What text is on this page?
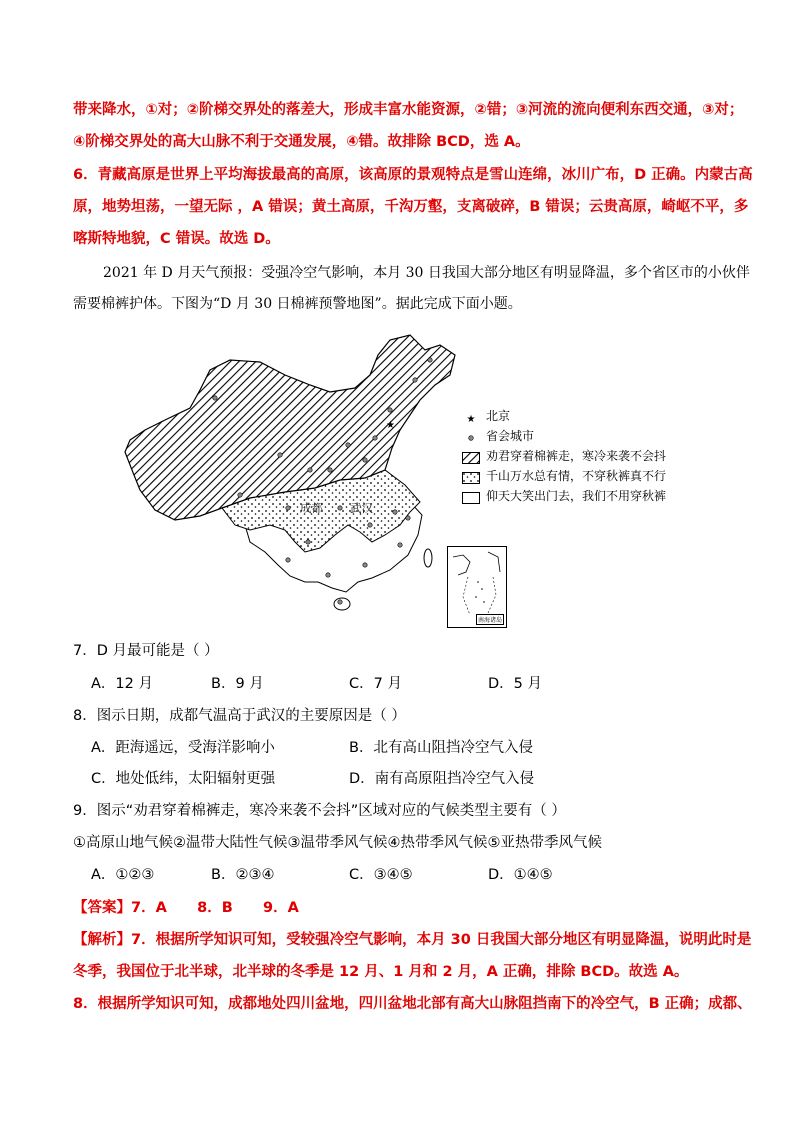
带来降水，①对；②阶梯交界处的落差大，形成丰富水能资源，②错；③河流的流向便利东西交通，③对；
④阶梯交界处的高大山脉不利于交通发展，④错。故排除 BCD，选 A。
6．青藏高原是世界上平均海拔最高的高原，该高原的景观特点是雪山连绵，冰川广布，D 正确。内蒙古高
原，地势坦荡，一望无际 ，A 错误；黄土高原，千沟万壑，支离破碎，B 错误；云贵高原，崎岖不平，多
喀斯特地貌，C 错误。故选 D。
2021 年 D 月天气预报：受强冷空气影响，本月 30 日我国大部分地区有明显降温，多个省区市的小伙伴
需要棉裤护体。下图为“D 月 30 日棉裤预警地图”。据此完成下面小题。
★
成都 武汉
★ 北京
省会城市
劝君穿着棉裤走，寒冷来袭不会抖
千山万水总有情，不穿秋裤真不行
仰天大笑出门去，我们不用穿秋裤
南海诸岛
7．D 月最可能是（ ）
A．12 月	B．9 月	C．7 月	D．5 月
8．图示日期，成都气温高于武汉的主要原因是（ ）
A．距海遥远，受海洋影响小	B．北有高山阻挡冷空气入侵
C．地处低纬，太阳辐射更强	D．南有高原阻挡冷空气入侵
9．图示“劝君穿着棉裤走，寒冷来袭不会抖”区域对应的气候类型主要有（ ）
①高原山地气候②温带大陆性气候③温带季风气候④热带季风气候⑤亚热带季风气候
A．①②③	B．②③④	C．③④⑤	D．①④⑤
【答案】7．A      8．B      9．A
【解析】7．根据所学知识可知，受较强冷空气影响，本月 30 日我国大部分地区有明显降温，说明此时是
冬季，我国位于北半球，北半球的冬季是 12 月、1 月和 2 月，A 正确，排除 BCD。故选 A。
8．根据所学知识可知，成都地处四川盆地，四川盆地北部有高大山脉阻挡南下的冷空气，B 正确；成都、
